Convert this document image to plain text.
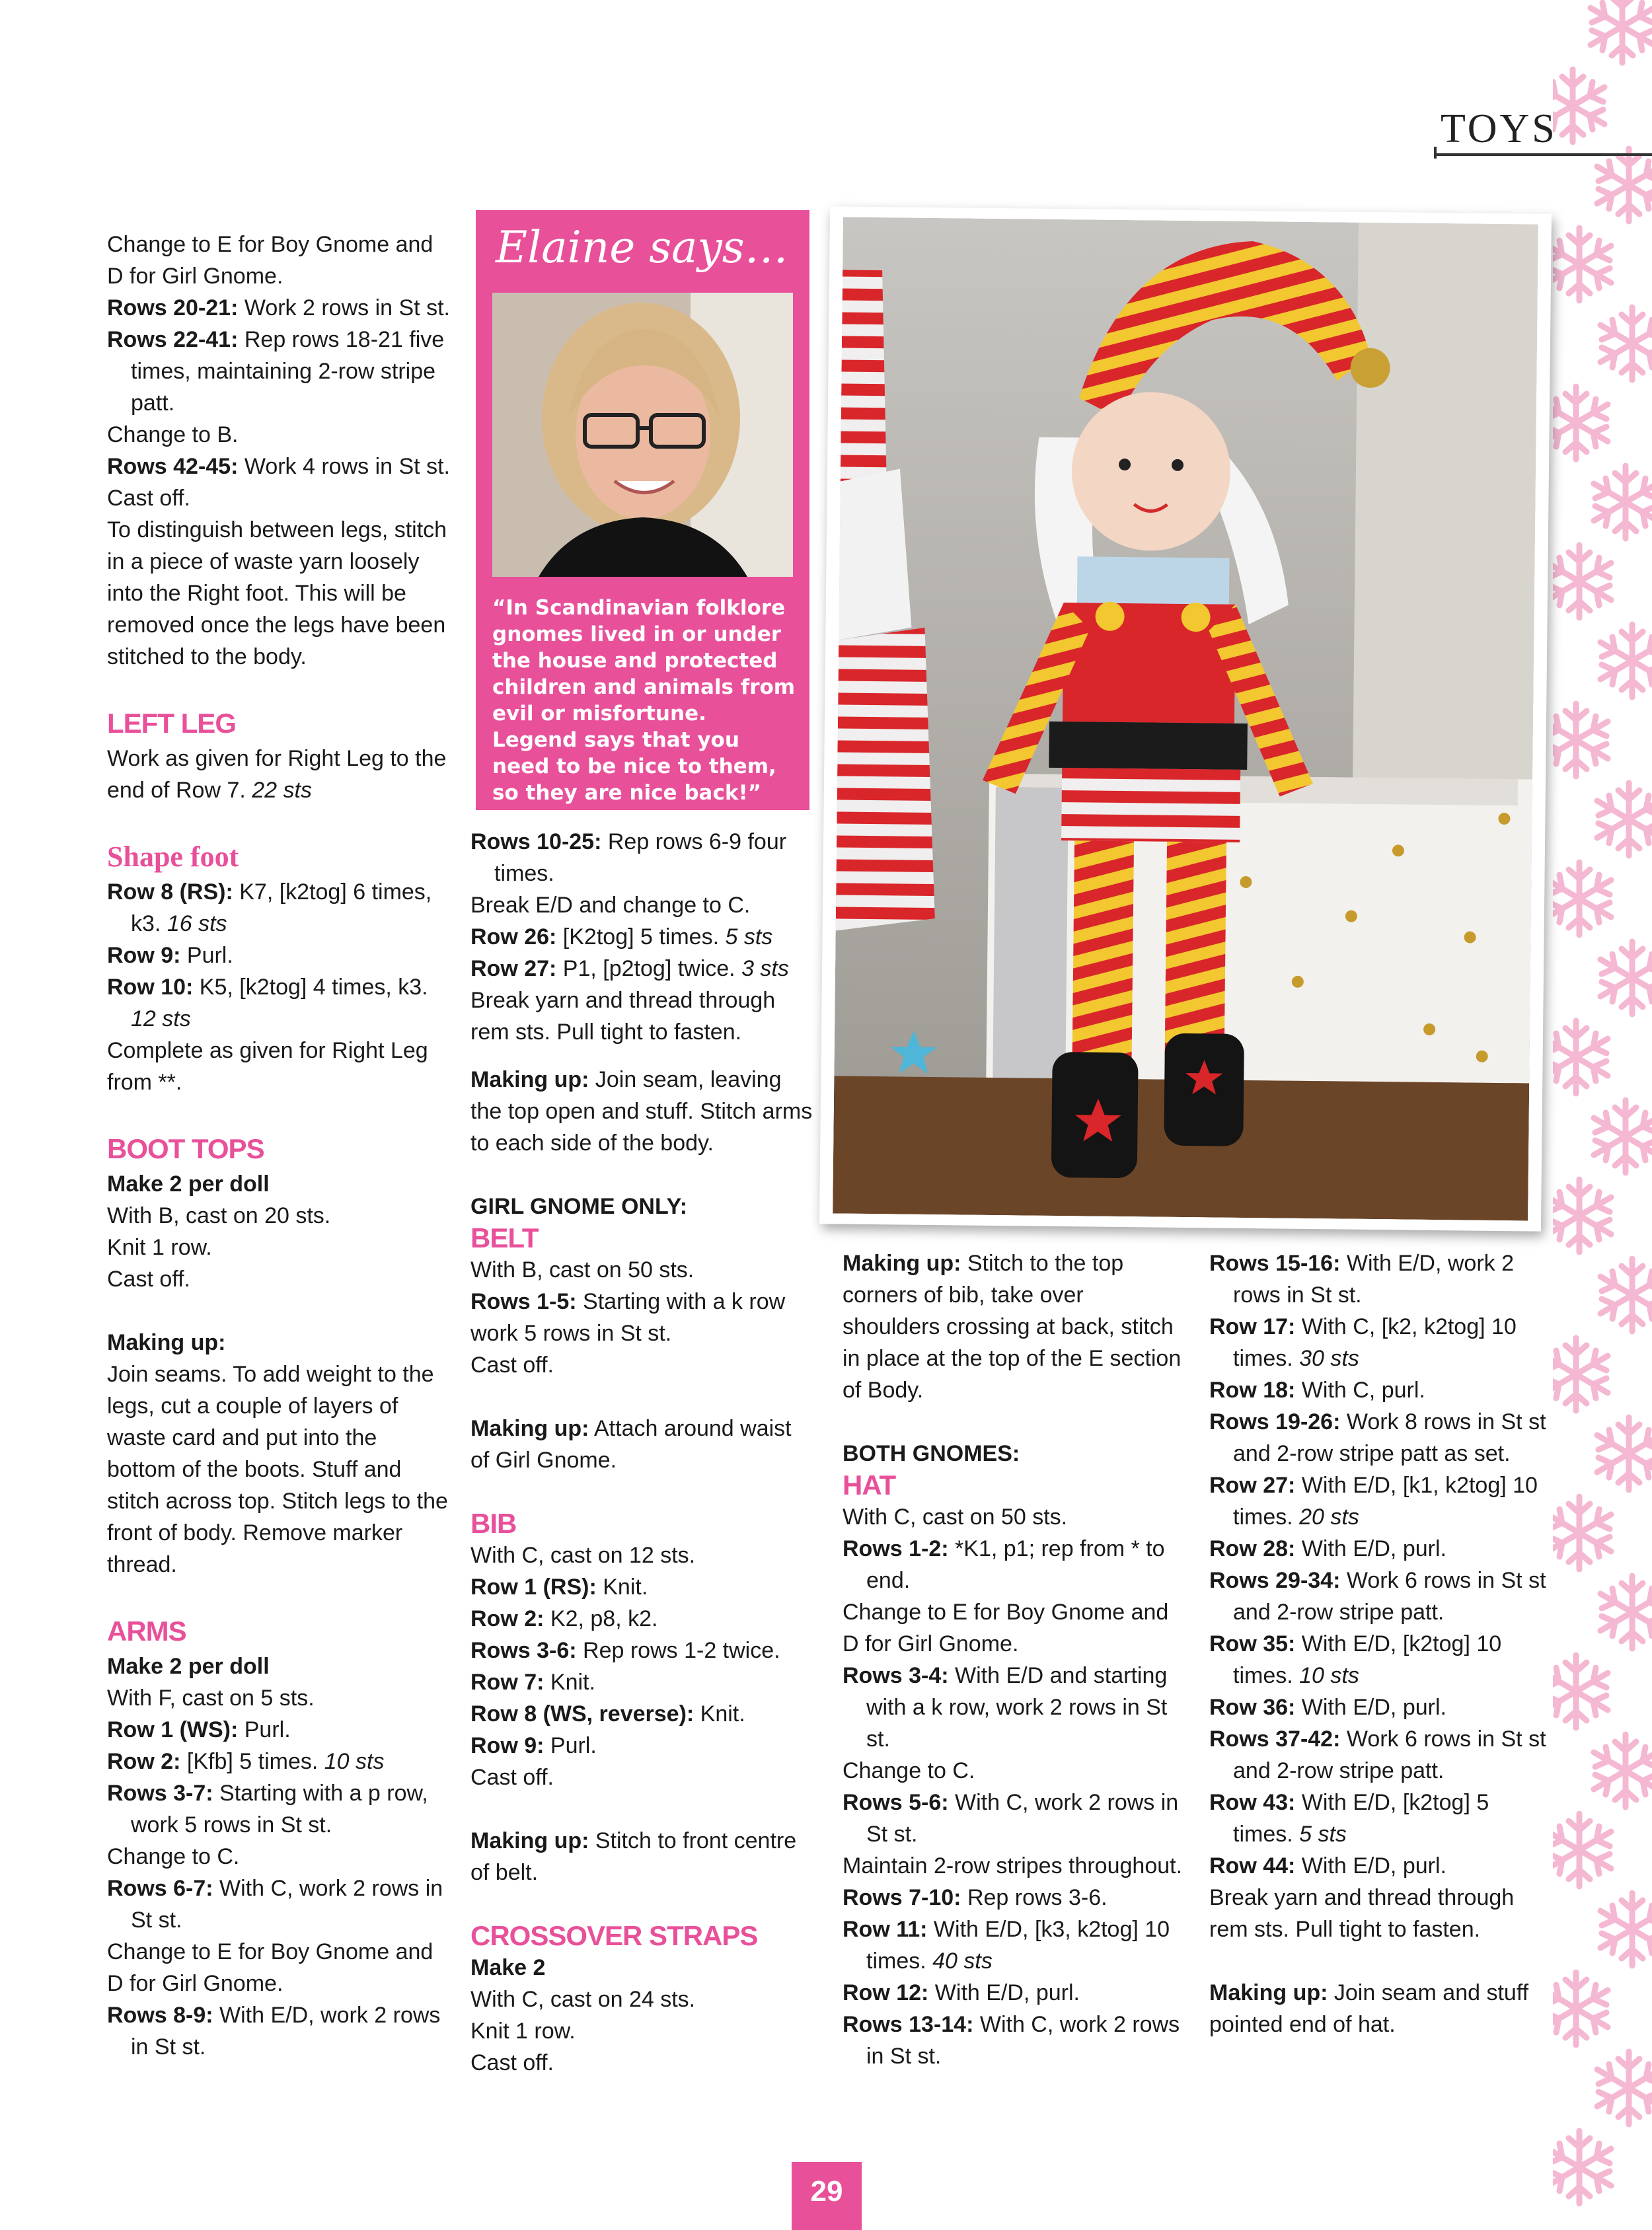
TOYS

Change to E for Boy Gnome and D for Girl Gnome.

Rows 20-21: Work 2 rows in St st.

Rows 22-41: Rep rows 18-21 five times, maintaining 2-row stripe patt.

Change to B.

Rows 42-45: Work 4 rows in St st.

Cast off.

To distinguish between legs, stitch in a piece of waste yarn loosely into the Right foot. This will be removed once the legs have been stitched to the body.

LEFT LEG

Work as given for Right Leg to the end of Row 7. 22 sts

Shape foot

Row 8 (RS): K7, [k2tog] 6 times, k3. 16 sts

Row 9: Purl.

Row 10: K5, [k2tog] 4 times, k3. 12 sts

Complete as given for Right Leg from **.

BOOT TOPS

Make 2 per doll

With B, cast on 20 sts.

Knit 1 row.

Cast off.

Making up:

Join seams. To add weight to the legs, cut a couple of layers of waste card and put into the bottom of the boots. Stuff and stitch across top. Stitch legs to the front of body. Remove marker thread.

ARMS

Make 2 per doll

With F, cast on 5 sts.

Row 1 (WS): Purl.

Row 2: [Kfb] 5 times. 10 sts

Rows 3-7: Starting with a p row, work 5 rows in St st.

Change to C.

Rows 6-7: With C, work 2 rows in St st.

Change to E for Boy Gnome and D for Girl Gnome.

Rows 8-9: With E/D, work 2 rows in St st.

Elaine says…
“In Scandinavian folklore gnomes lived in or under the house and protected children and animals from evil or misfortune. Legend says that you need to be nice to them, so they are nice back!”

Rows 10-25: Rep rows 6-9 four times.

Break E/D and change to C.

Row 26: [K2tog] 5 times. 5 sts

Row 27: P1, [p2tog] twice. 3 sts

Break yarn and thread through rem sts. Pull tight to fasten.

Making up: Join seam, leaving the top open and stuff. Stitch arms to each side of the body.

GIRL GNOME ONLY:

BELT

With B, cast on 50 sts.

Rows 1-5: Starting with a k row work 5 rows in St st.

Cast off.

Making up: Attach around waist of Girl Gnome.

BIB

With C, cast on 12 sts.

Row 1 (RS): Knit.

Row 2: K2, p8, k2.

Rows 3-6: Rep rows 1-2 twice.

Row 7: Knit.

Row 8 (WS, reverse): Knit.

Row 9: Purl.

Cast off.

Making up: Stitch to front centre of belt.

CROSSOVER STRAPS

Make 2

With C, cast on 24 sts.

Knit 1 row.

Cast off.

Making up: Stitch to the top corners of bib, take over shoulders crossing at back, stitch in place at the top of the E section of Body.

BOTH GNOMES:

HAT

With C, cast on 50 sts.

Rows 1-2: *K1, p1; rep from * to end.

Change to E for Boy Gnome and D for Girl Gnome.

Rows 3-4: With E/D and starting with a k row, work 2 rows in St st.

Change to C.

Rows 5-6: With C, work 2 rows in St st.

Maintain 2-row stripes throughout.

Rows 7-10: Rep rows 3-6.

Row 11: With E/D, [k3, k2tog] 10 times. 40 sts

Row 12: With E/D, purl.

Rows 13-14: With C, work 2 rows in St st.

Rows 15-16: With E/D, work 2 rows in St st.

Row 17: With C, [k2, k2tog] 10 times. 30 sts

Row 18: With C, purl.

Rows 19-26: Work 8 rows in St st and 2-row stripe patt as set.

Row 27: With E/D, [k1, k2tog] 10 times. 20 sts

Row 28: With E/D, purl.

Rows 29-34: Work 6 rows in St st and 2-row stripe patt.

Row 35: With E/D, [k2tog] 10 times. 10 sts

Row 36: With E/D, purl.

Rows 37-42: Work 6 rows in St st and 2-row stripe patt.

Row 43: With E/D, [k2tog] 5 times. 5 sts

Row 44: With E/D, purl.

Break yarn and thread through rem sts. Pull tight to fasten.

Making up: Join seam and stuff pointed end of hat.

29
